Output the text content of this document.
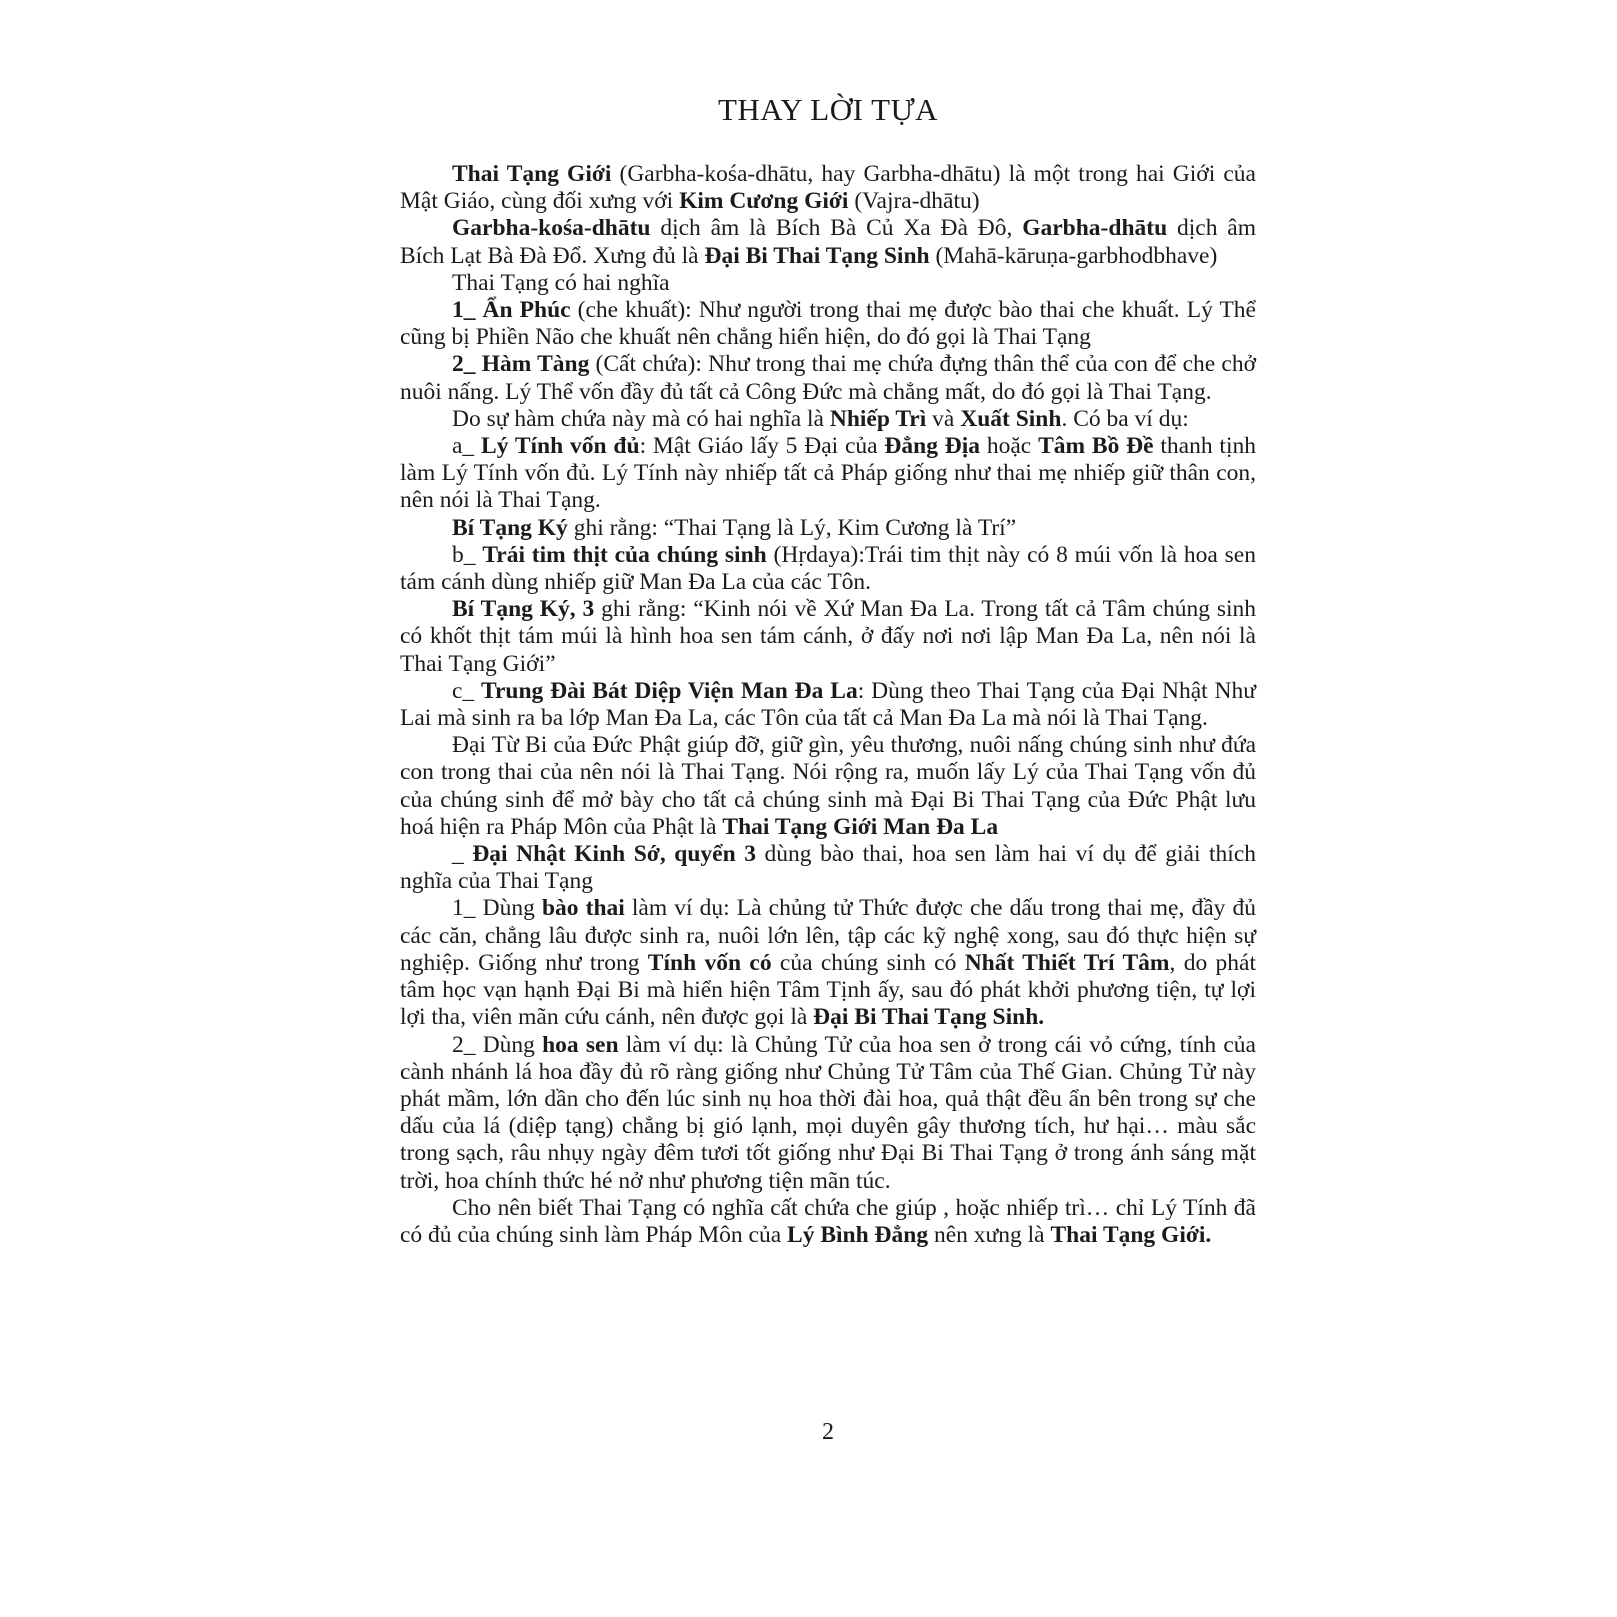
THAY LỜI TỰA

Thai Tạng Giới (Garbha-kośa-dhātu, hay Garbha-dhātu) là một trong hai Giới của Mật Giáo, cùng đối xưng với Kim Cương Giới (Vajra-dhātu)

Garbha-kośa-dhātu dịch âm là Bích Bà Củ Xa Đà Đô, Garbha-dhātu dịch âm Bích Lạt Bà Đà Đổ. Xưng đủ là Đại Bi Thai Tạng Sinh (Mahā-kāruṇa-garbhodbhave)

Thai Tạng có hai nghĩa

1_ Ẩn Phúc (che khuất): Như người trong thai mẹ được bào thai che khuất. Lý Thể cũng bị Phiền Não che khuất nên chẳng hiển hiện, do đó gọi là Thai Tạng

2_ Hàm Tàng (Cất chứa): Như trong thai mẹ chứa đựng thân thể của con để che chở nuôi nấng. Lý Thể vốn đầy đủ tất cả Công Đức mà chẳng mất, do đó gọi là Thai Tạng.

Do sự hàm chứa này mà có hai nghĩa là Nhiếp Trì và Xuất Sinh. Có ba ví dụ:

a_ Lý Tính vốn đủ: Mật Giáo lấy 5 Đại của Đẳng Địa hoặc Tâm Bồ Đề thanh tịnh làm Lý Tính vốn đủ. Lý Tính này nhiếp tất cả Pháp giống như thai mẹ nhiếp giữ thân con, nên nói là Thai Tạng.

Bí Tạng Ký ghi rằng: “Thai Tạng là Lý, Kim Cương là Trí”

b_ Trái tim thịt của chúng sinh (Hṛdaya):Trái tim thịt này có 8 múi vốn là hoa sen tám cánh dùng nhiếp giữ Man Đa La của các Tôn.

Bí Tạng Ký, 3 ghi rằng: “Kinh nói về Xứ Man Đa La. Trong tất cả Tâm chúng sinh có khốt thịt tám múi là hình hoa sen tám cánh, ở đấy nơi nơi lập Man Đa La, nên nói là Thai Tạng Giới”

c_ Trung Đài Bát Diệp Viện Man Đa La: Dùng theo Thai Tạng của Đại Nhật Như Lai mà sinh ra ba lớp Man Đa La, các Tôn của tất cả Man Đa La mà nói là Thai Tạng.

Đại Từ Bi của Đức Phật giúp đỡ, giữ gìn, yêu thương, nuôi nấng chúng sinh như đứa con trong thai của nên nói là Thai Tạng. Nói rộng ra, muốn lấy Lý của Thai Tạng vốn đủ của chúng sinh để mở bày cho tất cả chúng sinh mà Đại Bi Thai Tạng của Đức Phật lưu hoá hiện ra Pháp Môn của Phật là Thai Tạng Giới Man Đa La

_ Đại Nhật Kinh Sớ, quyển 3 dùng bào thai, hoa sen làm hai ví dụ để giải thích nghĩa của Thai Tạng

1_ Dùng bào thai làm ví dụ: Là chủng tử Thức được che dấu trong thai mẹ, đầy đủ các căn, chẳng lâu được sinh ra, nuôi lớn lên, tập các kỹ nghệ xong, sau đó thực hiện sự nghiệp. Giống như trong Tính vốn có của chúng sinh có Nhất Thiết Trí Tâm, do phát tâm học vạn hạnh Đại Bi mà hiển hiện Tâm Tịnh ấy, sau đó phát khởi phương tiện, tự lợi lợi tha, viên mãn cứu cánh, nên được gọi là Đại Bi Thai Tạng Sinh.

2_ Dùng hoa sen làm ví dụ: là Chủng Tử của hoa sen ở trong cái vỏ cứng, tính của cành nhánh lá hoa đầy đủ rõ ràng giống như Chủng Tử Tâm của Thế Gian. Chủng Tử này phát mầm, lớn dần cho đến lúc sinh nụ hoa thời đài hoa, quả thật đều ẩn bên trong sự che dấu của lá (diệp tạng) chẳng bị gió lạnh, mọi duyên gây thương tích, hư hại… màu sắc trong sạch, râu nhụy ngày đêm tươi tốt giống như Đại Bi Thai Tạng ở trong ánh sáng mặt trời, hoa chính thức hé nở như phương tiện mãn túc.

Cho nên biết Thai Tạng có nghĩa cất chứa che giúp , hoặc nhiếp trì… chỉ Lý Tính đã có đủ của chúng sinh làm Pháp Môn của Lý Bình Đẳng nên xưng là Thai Tạng Giới.

2
